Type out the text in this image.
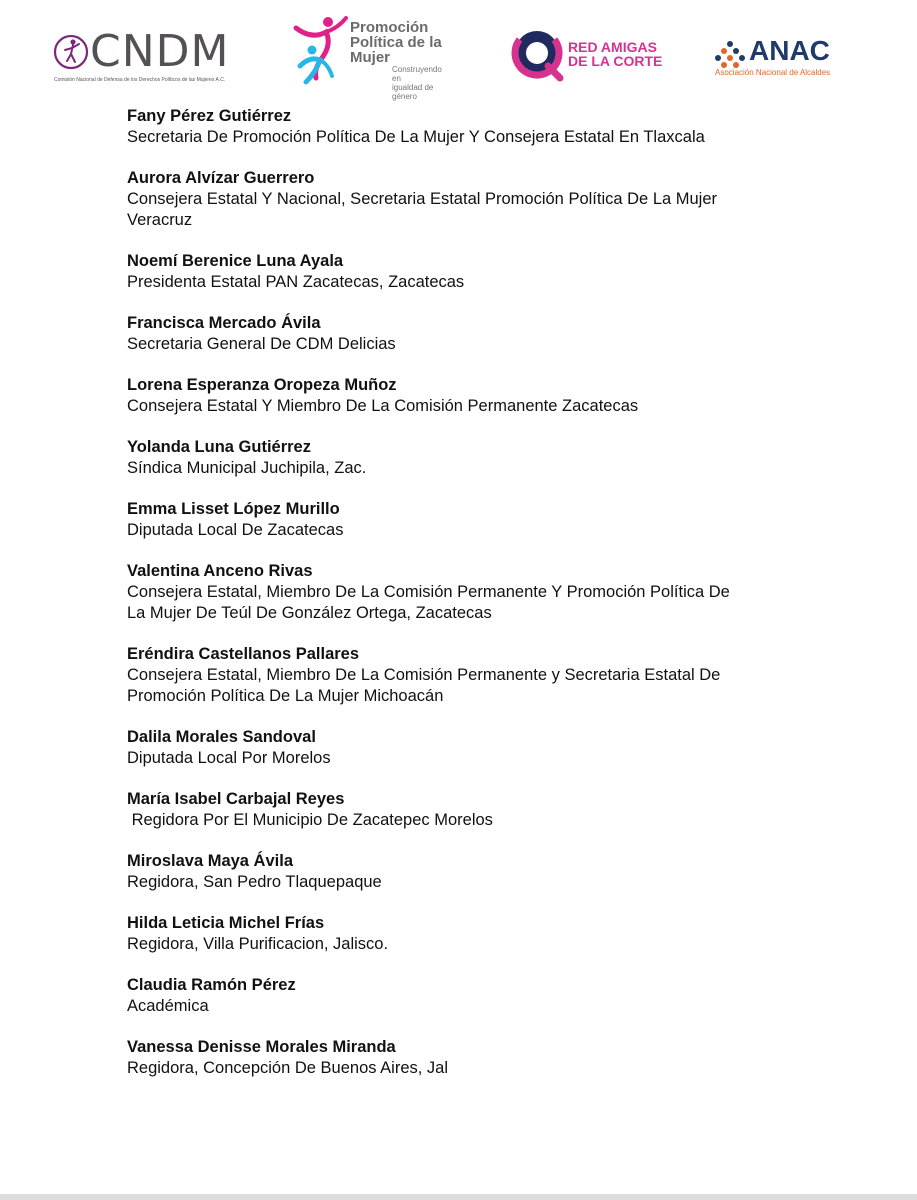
CNDM
Comisión Nacional de Defensa de los Derechos Políticos de las Mujeres A.C.
Promoción
Política de la
Mujer
Construyendo en
igualdad de género
RED AMIGAS
DE LA CORTE	ANAC
Asociación Nacional de Alcaldes
Fany Pérez Gutiérrez
Secretaria De Promoción Política De La Mujer Y Consejera Estatal En Tlaxcala
Aurora Alvízar Guerrero
Consejera Estatal Y Nacional, Secretaria Estatal Promoción Política De La Mujer
Veracruz
Noemí Berenice Luna Ayala
Presidenta Estatal PAN Zacatecas, Zacatecas
Francisca Mercado Ávila
Secretaria General De CDM Delicias
Lorena Esperanza Oropeza Muñoz
Consejera Estatal Y Miembro De La Comisión Permanente Zacatecas
Yolanda Luna Gutiérrez
Síndica Municipal Juchipila, Zac.
Emma Lisset López Murillo
Diputada Local De Zacatecas
Valentina Anceno Rivas
Consejera Estatal, Miembro De La Comisión Permanente Y Promoción Política De
La Mujer De Teúl De González Ortega, Zacatecas
Eréndira Castellanos Pallares
Consejera Estatal, Miembro De La Comisión Permanente y Secretaria Estatal De
Promoción Política De La Mujer Michoacán
Dalila Morales Sandoval
Diputada Local Por Morelos
María Isabel Carbajal Reyes
Regidora Por El Municipio De Zacatepec Morelos
Miroslava Maya Ávila
Regidora, San Pedro Tlaquepaque
Hilda Leticia Michel Frías
Regidora, Villa Purificacion, Jalisco.
Claudia Ramón Pérez
Académica
Vanessa Denisse Morales Miranda
Regidora, Concepción De Buenos Aires, Jal
